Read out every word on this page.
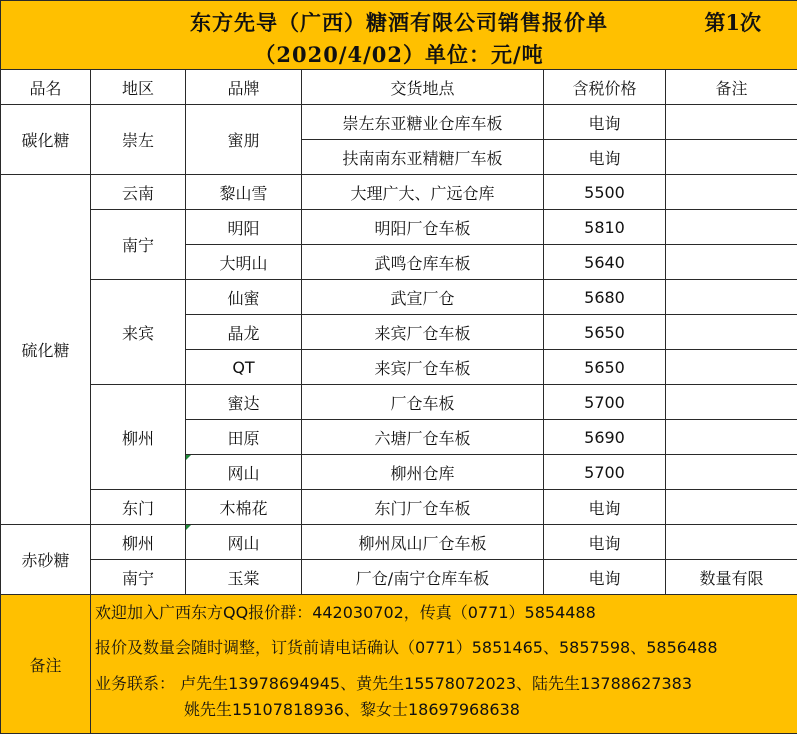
东方先导（广西）糖酒有限公司销售报价单 第1次
（2020/4/02）单位：元/吨					

品名	地区	品牌	交货地点	含税价格	备注
碳化糖	崇左	蜜朋	崇左东亚糖业仓库车板	电询	
			扶南南东亚精糖厂车板	电询	
硫化糖	云南	黎山雪	大理广大、广远仓库	5500	
	南宁	明阳	明阳厂仓车板	5810	
		大明山	武鸣仓库车板	5640	
	来宾	仙蜜	武宣厂仓	5680	
		晶龙	来宾厂仓车板	5650	
		QT	来宾厂仓车板	5650	
	柳州	蜜达	厂仓车板	5700	
		田原	六塘厂仓车板	5690	
		网山	柳州仓库	5700	
	东门	木棉花	东门厂仓车板	电询	
赤砂糖	柳州	网山	柳州凤山厂仓车板	电询	
	南宁	玉棠	厂仓/南宁仓库车板	电询	数量有限
备注	欢迎加入广西东方QQ报价群：442030702，传真（0771）5854488
报价及数量会随时调整，订货前请电话确认（0771）5851465、5857598、5856488
业务联系： 卢先生13978694945、黄先生15578072023、陆先生13788627383
姚先生15107818936、黎女士18697968638				
